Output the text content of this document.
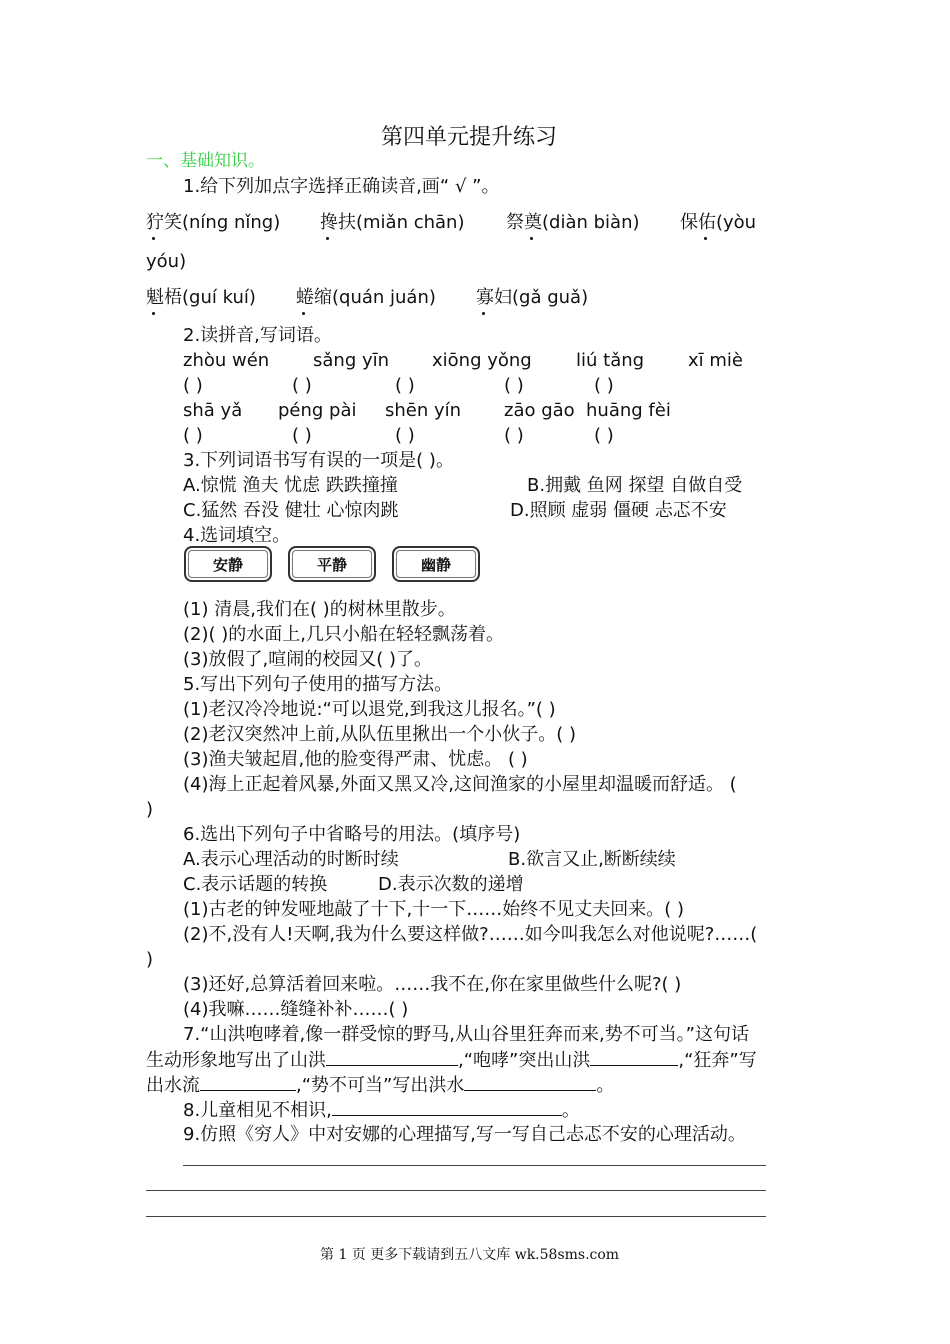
第四单元提升练习
一、基础知识。
1.给下列加点字选择正确读音,画“ √ ”。
狞笑(níng nǐng) 搀扶(miǎn chān) 祭奠(diàn biàn) 保佑(yòu
yóu)
魁梧(guí kuí) 蜷缩(quán juán) 寡妇(gǎ guǎ)
2.读拼音,写词语。
zhòu wén sǎng yīn xiōng yǒng liú tǎng xī miè
( )	( )	( )	( )	( )
shā yǎ péng pài shēn yín zāo gāo huāng fèi
( )	( )	( )	( )	( )
3.下列词语书写有误的一项是( )。
A.惊慌 渔夫 忧虑 跌跌撞撞	B.拥戴 鱼网 探望 自做自受
C.猛然 吞没 健壮 心惊肉跳	D.照顾 虚弱 僵硬 忐忑不安
4.选词填空。
安静	平静	幽静
(1) 清晨,我们在( )的树林里散步。
(2)( )的水面上,几只小船在轻轻飘荡着。
(3)放假了,喧闹的校园又( )了。
5.写出下列句子使用的描写方法。
(1)老汉冷冷地说:“可以退党,到我这儿报名。”( )
(2)老汉突然冲上前,从队伍里揪出一个小伙子。( )
(3)渔夫皱起眉,他的脸变得严肃、忧虑。 ( )
(4)海上正起着风暴,外面又黑又冷,这间渔家的小屋里却温暖而舒适。 (
)
6.选出下列句子中省略号的用法。(填序号)
A.表示心理活动的时断时续	B.欲言又止,断断续续
C.表示话题的转换	D.表示次数的递增
(1)古老的钟发哑地敲了十下,十一下……始终不见丈夫回来。( )
(2)不,没有人!天啊,我为什么要这样做?……如今叫我怎么对他说呢?……(
)
(3)还好,总算活着回来啦。……我不在,你在家里做些什么呢?( )
(4)我嘛……缝缝补补……( )
7.“山洪咆哮着,像一群受惊的野马,从山谷里狂奔而来,势不可当。”这句话
生动形象地写出了山洪	,“咆哮”突出山洪	,“狂奔”写
出水流	,“势不可当”写出洪水	。
8.儿童相见不相识,	。
9.仿照《穷人》中对安娜的心理描写,写一写自己忐忑不安的心理活动。
第 1 页 更多下载请到五八文库 wk.58sms.com
